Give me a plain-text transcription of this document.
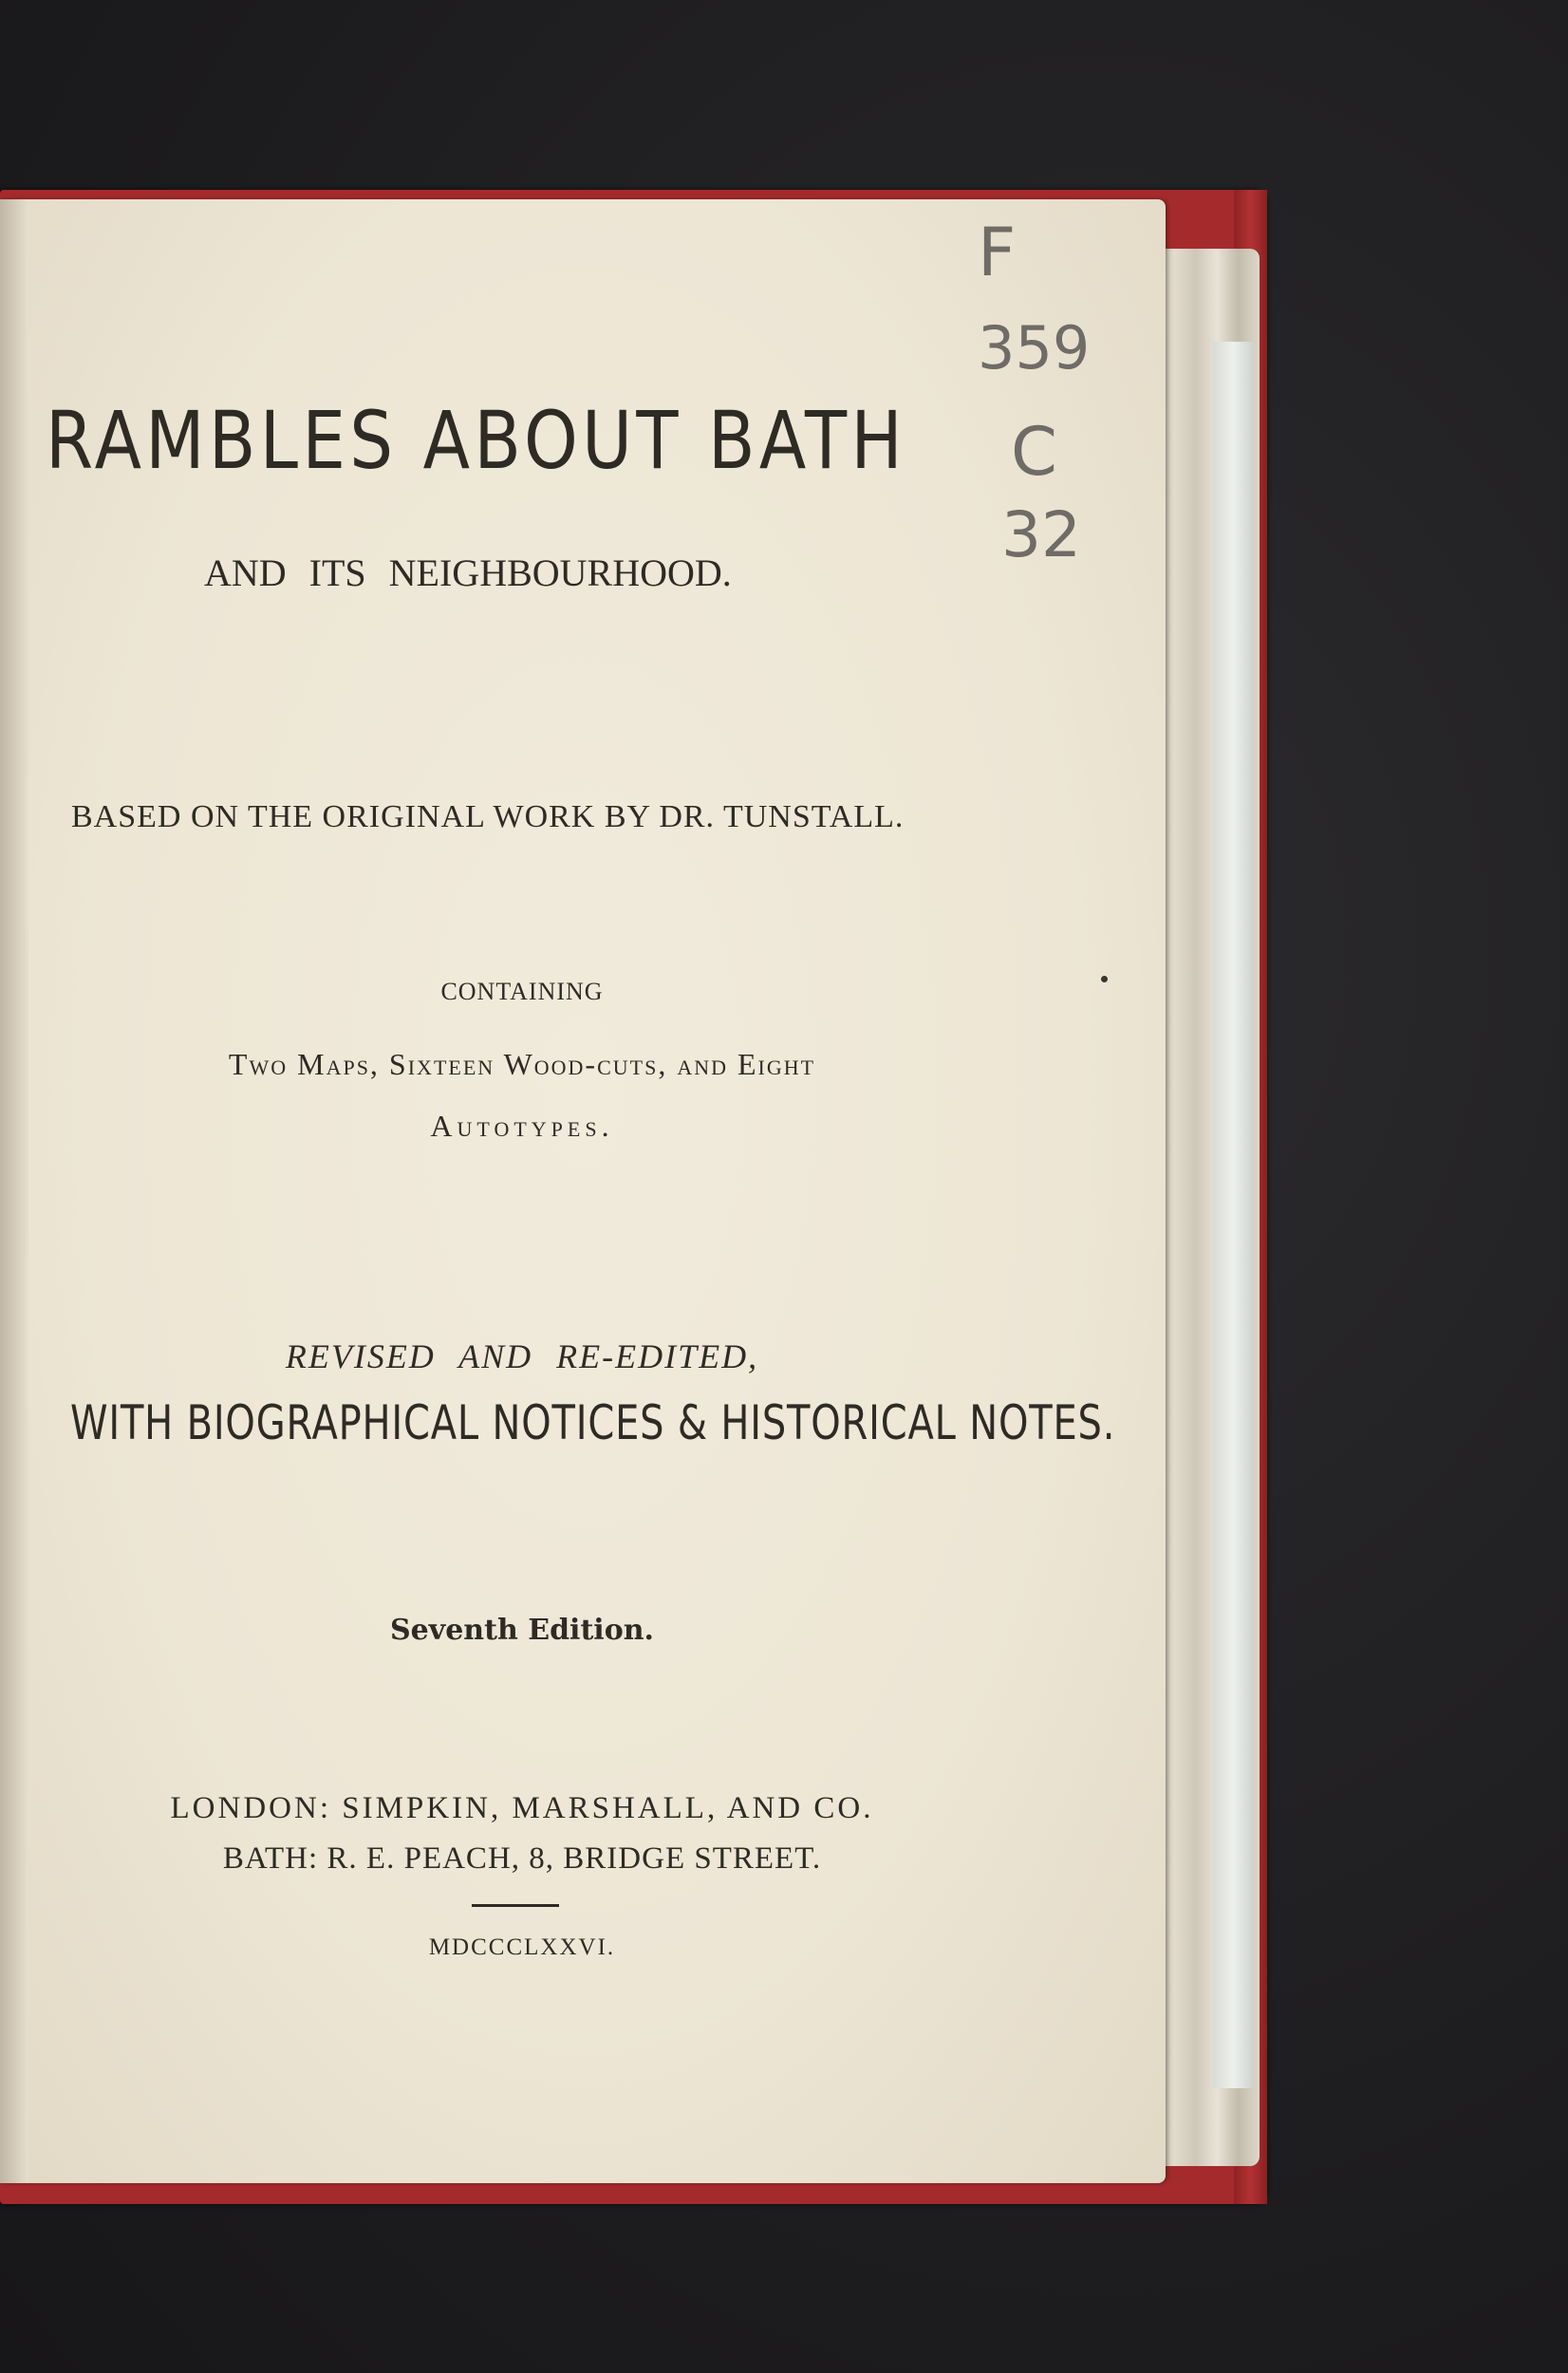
RAMBLES ABOUT BATH
AND ITS NEIGHBOURHOOD.
BASED ON THE ORIGINAL WORK BY DR. TUNSTALL.
CONTAINING
Two Maps, Sixteen Wood-cuts, and Eight
Autotypes.
REVISED AND RE-EDITED,
WITH BIOGRAPHICAL NOTICES & HISTORICAL NOTES.
Seventh Edition.
LONDON: SIMPKIN, MARSHALL, AND CO.
BATH: R. E. PEACH, 8, BRIDGE STREET.
MDCCCLXXVI.
F
359
C
32
